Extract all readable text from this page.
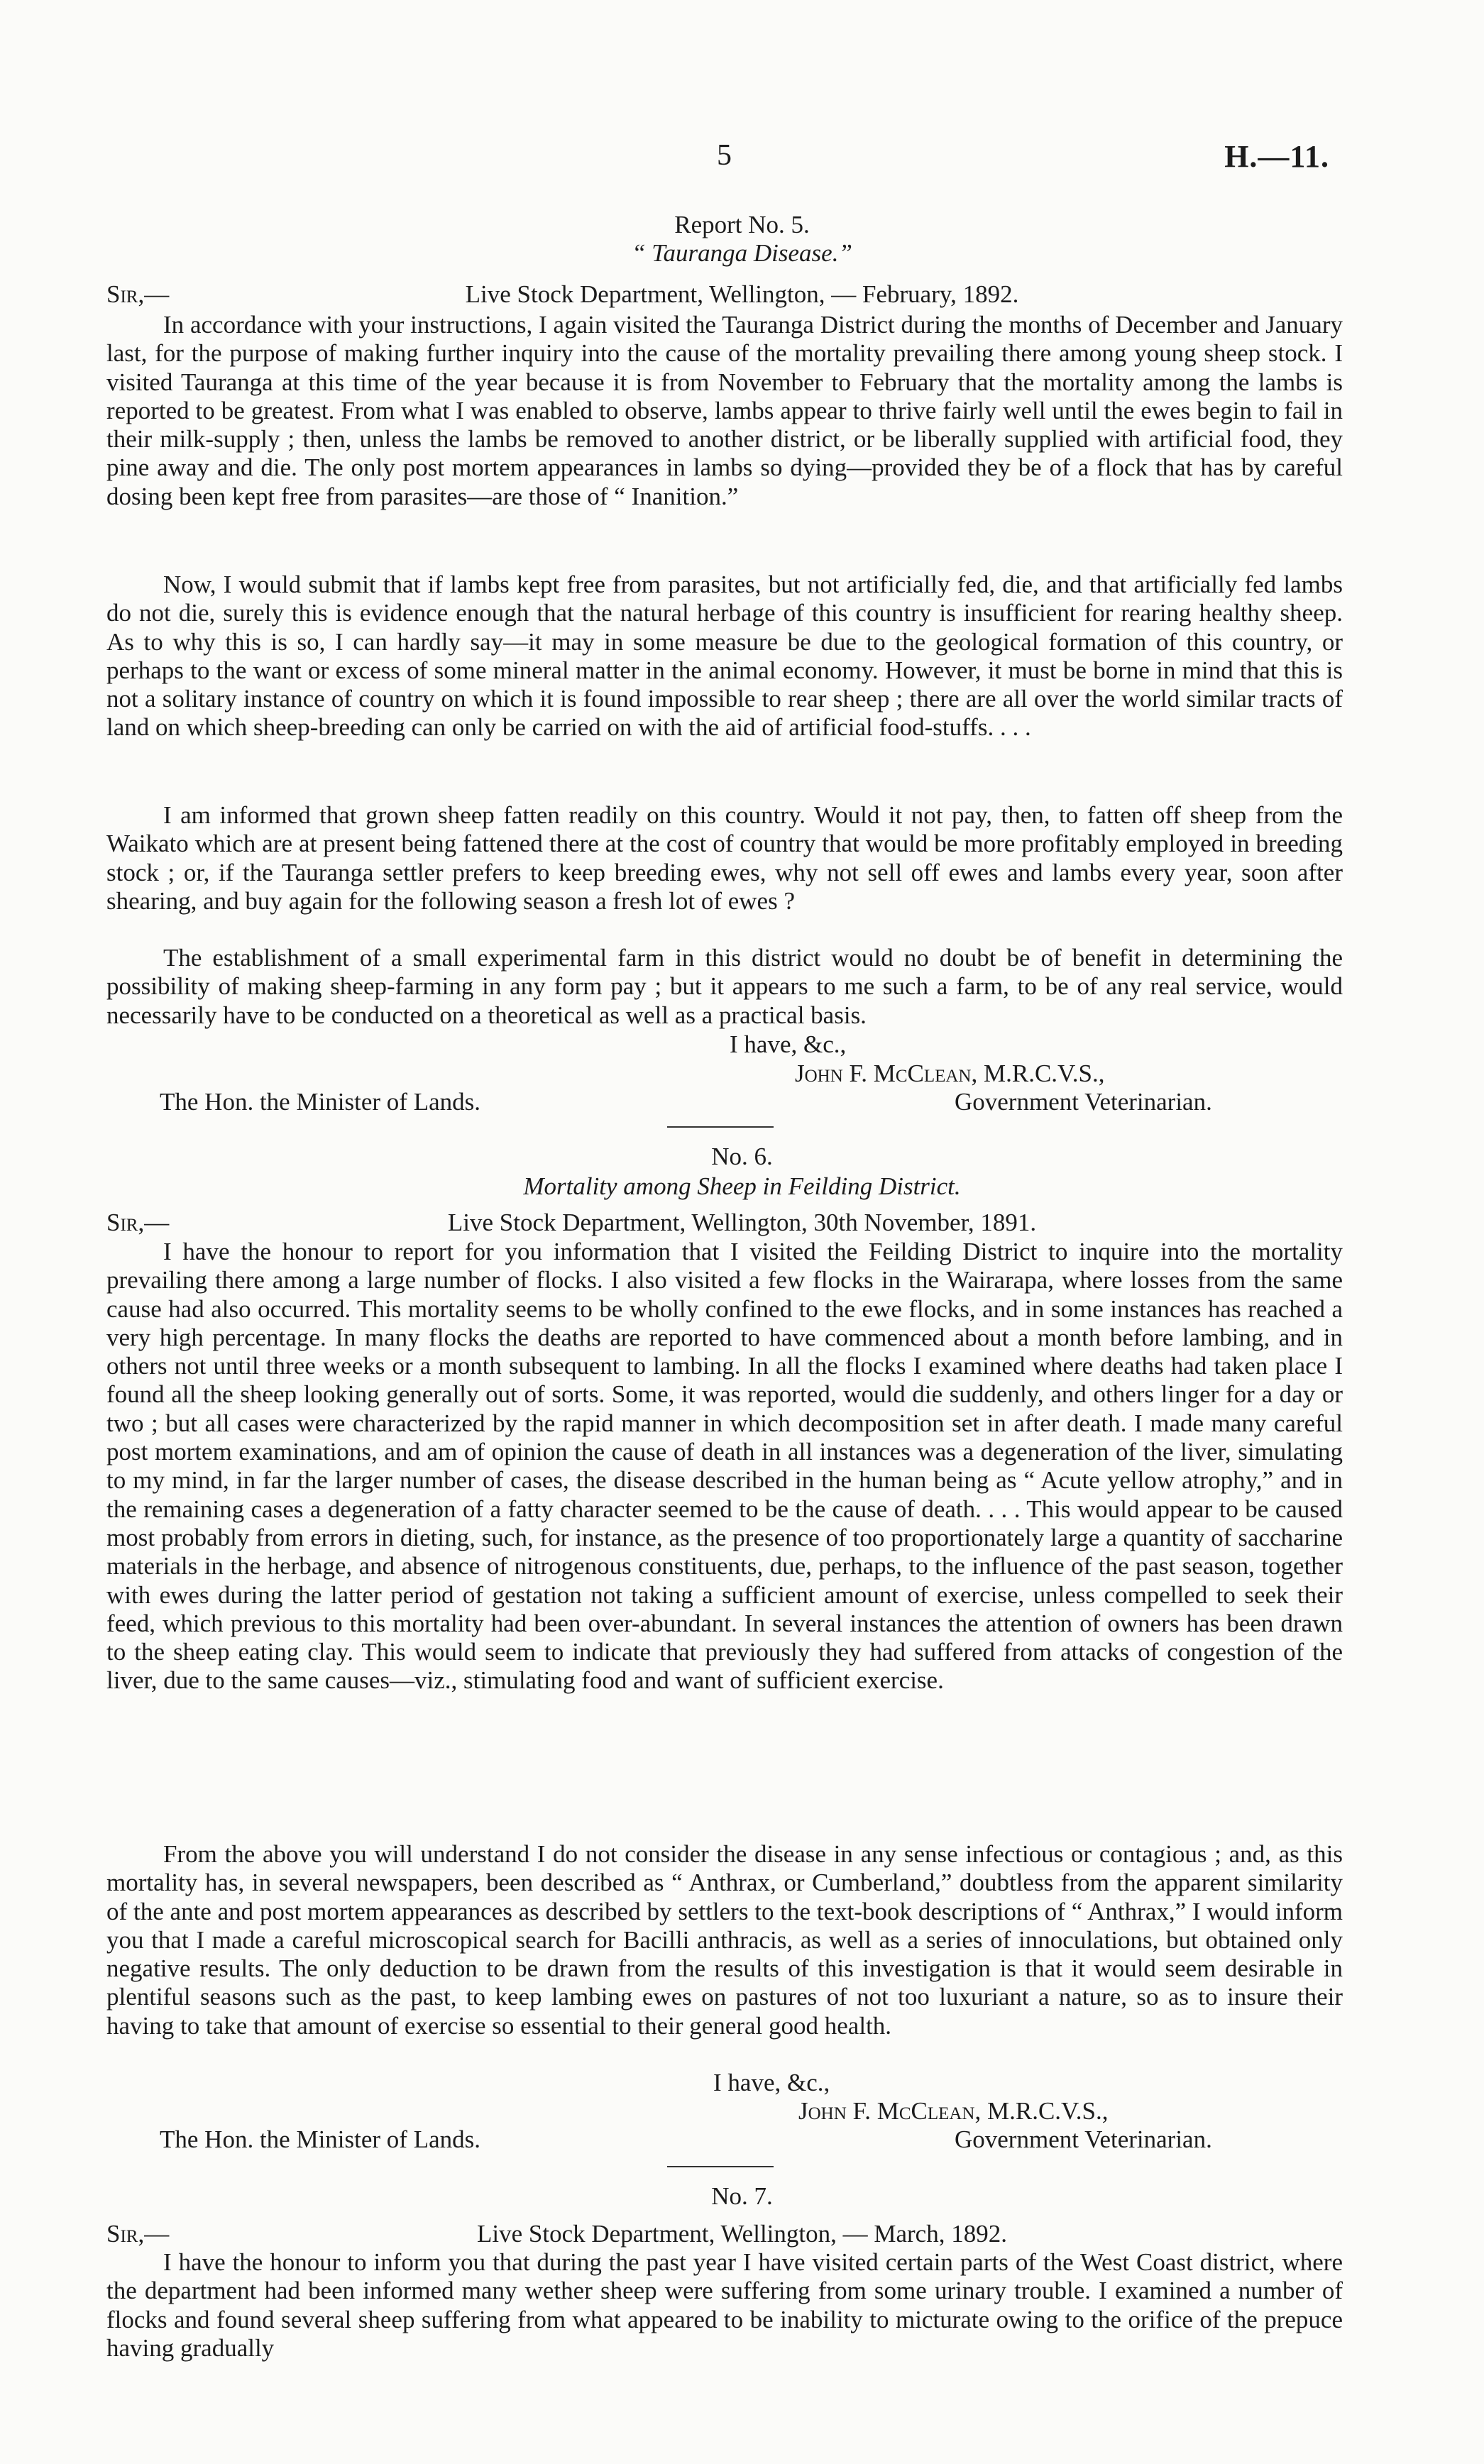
5	H.—11.
Report No. 5.
“ Tauranga Disease.”
Sir,—	Live Stock Department, Wellington, — February, 1892.
In accordance with your instructions, I again visited the Tauranga District during the months of December and January last, for the purpose of making further inquiry into the cause of the mortality prevailing there among young sheep stock. I visited Tauranga at this time of the year because it is from November to February that the mortality among the lambs is reported to be greatest. From what I was enabled to observe, lambs appear to thrive fairly well until the ewes begin to fail in their milk-supply ; then, unless the lambs be removed to another district, or be liberally supplied with artificial food, they pine away and die. The only post mortem appearances in lambs so dying—provided they be of a flock that has by careful dosing been kept free from parasites—are those of “ Inanition.”
Now, I would submit that if lambs kept free from parasites, but not artificially fed, die, and that artificially fed lambs do not die, surely this is evidence enough that the natural herbage of this country is insufficient for rearing healthy sheep. As to why this is so, I can hardly say—it may in some measure be due to the geological formation of this country, or perhaps to the want or excess of some mineral matter in the animal economy. However, it must be borne in mind that this is not a solitary instance of country on which it is found impossible to rear sheep ; there are all over the world similar tracts of land on which sheep-breeding can only be carried on with the aid of artificial food-stuffs. . . .
I am informed that grown sheep fatten readily on this country. Would it not pay, then, to fatten off sheep from the Waikato which are at present being fattened there at the cost of country that would be more profitably employed in breeding stock ; or, if the Tauranga settler prefers to keep breeding ewes, why not sell off ewes and lambs every year, soon after shearing, and buy again for the following season a fresh lot of ewes ?
The establishment of a small experimental farm in this district would no doubt be of benefit in determining the possibility of making sheep-farming in any form pay ; but it appears to me such a farm, to be of any real service, would necessarily have to be conducted on a theoretical as well as a practical basis.
I have, &c.,
John F. McClean, M.R.C.V.S.,
The Hon. the Minister of Lands.	Government Veterinarian.
No. 6.
Mortality among Sheep in Feilding District.
Sir,—	Live Stock Department, Wellington, 30th November, 1891.
I have the honour to report for you information that I visited the Feilding District to inquire into the mortality prevailing there among a large number of flocks. I also visited a few flocks in the Wairarapa, where losses from the same cause had also occurred. This mortality seems to be wholly confined to the ewe flocks, and in some instances has reached a very high percentage. In many flocks the deaths are reported to have commenced about a month before lambing, and in others not until three weeks or a month subsequent to lambing. In all the flocks I examined where deaths had taken place I found all the sheep looking generally out of sorts. Some, it was reported, would die suddenly, and others linger for a day or two ; but all cases were characterized by the rapid manner in which decomposition set in after death. I made many careful post mortem examinations, and am of opinion the cause of death in all instances was a degeneration of the liver, simulating to my mind, in far the larger number of cases, the disease described in the human being as “ Acute yellow atrophy,” and in the remaining cases a degeneration of a fatty character seemed to be the cause of death. . . . This would appear to be caused most probably from errors in dieting, such, for instance, as the presence of too proportionately large a quantity of saccharine materials in the herbage, and absence of nitrogenous constituents, due, perhaps, to the influence of the past season, together with ewes during the latter period of gestation not taking a sufficient amount of exercise, unless compelled to seek their feed, which previous to this mortality had been over-abundant. In several instances the attention of owners has been drawn to the sheep eating clay. This would seem to indicate that previously they had suffered from attacks of congestion of the liver, due to the same causes—viz., stimulating food and want of sufficient exercise.
From the above you will understand I do not consider the disease in any sense infectious or contagious ; and, as this mortality has, in several newspapers, been described as “ Anthrax, or Cumberland,” doubtless from the apparent similarity of the ante and post mortem appearances as described by settlers to the text-book descriptions of “ Anthrax,” I would inform you that I made a careful microscopical search for Bacilli anthracis, as well as a series of innoculations, but obtained only negative results. The only deduction to be drawn from the results of this investigation is that it would seem desirable in plentiful seasons such as the past, to keep lambing ewes on pastures of not too luxuriant a nature, so as to insure their having to take that amount of exercise so essential to their general good health.
I have, &c.,
John F. McClean, M.R.C.V.S.,
The Hon. the Minister of Lands.	Government Veterinarian.
No. 7.
Sir,—	Live Stock Department, Wellington, — March, 1892.
I have the honour to inform you that during the past year I have visited certain parts of the West Coast district, where the department had been informed many wether sheep were suffering from some urinary trouble. I examined a number of flocks and found several sheep suffering from what appeared to be inability to micturate owing to the orifice of the prepuce having gradually
